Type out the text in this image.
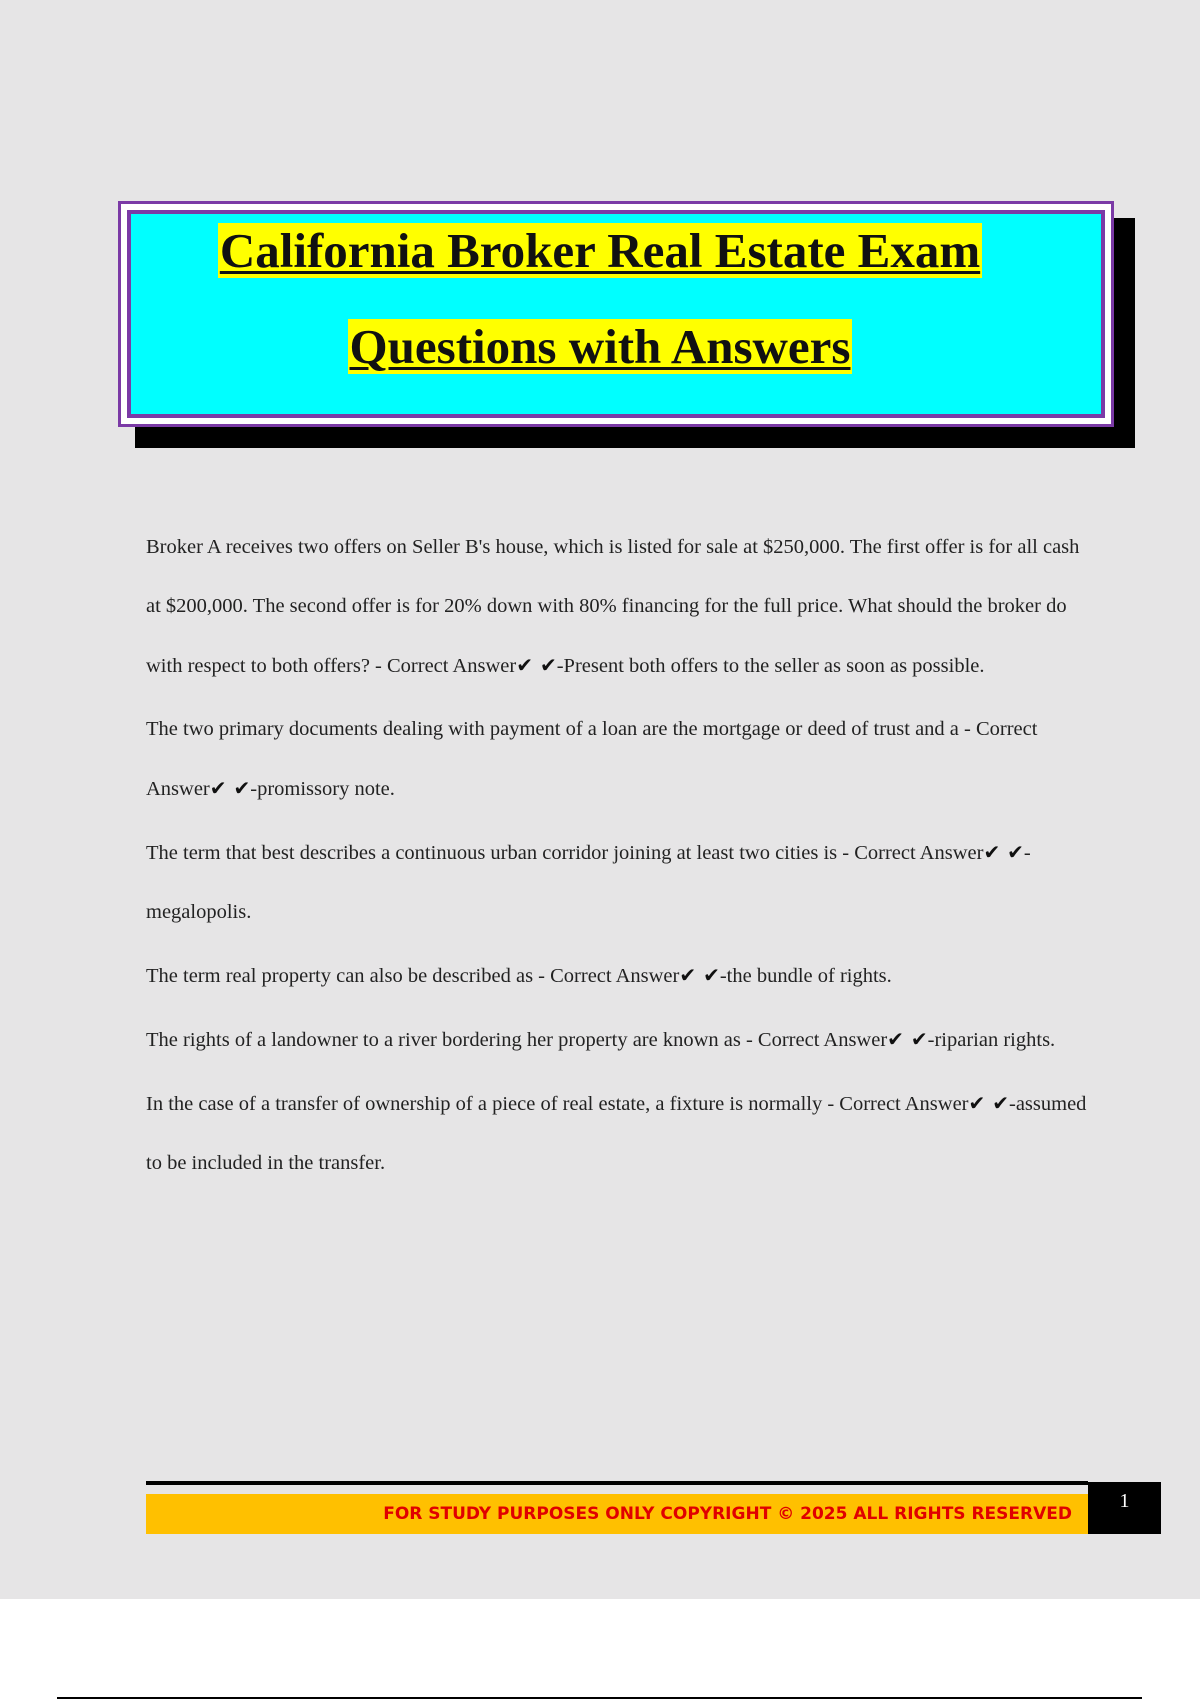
California Broker Real Estate Exam
Questions with Answers

Broker A receives two offers on Seller B's house, which is listed for sale at $250,000. The first offer is for all cash at $200,000. The second offer is for 20% down with 80% financing for the full price. What should the broker do with respect to both offers? - Correct Answer✔ ✔-Present both offers to the seller as soon as possible.

The two primary documents dealing with payment of a loan are the mortgage or deed of trust and a - Correct Answer✔ ✔-promissory note.

The term that best describes a continuous urban corridor joining at least two cities is - Correct Answer✔ ✔-megalopolis.

The term real property can also be described as - Correct Answer✔ ✔-the bundle of rights.

The rights of a landowner to a river bordering her property are known as - Correct Answer✔ ✔-riparian rights.

In the case of a transfer of ownership of a piece of real estate, a fixture is normally - Correct Answer✔ ✔-assumed to be included in the transfer.

FOR STUDY PURPOSES ONLY COPYRIGHT © 2025 ALL RIGHTS RESERVED
1
